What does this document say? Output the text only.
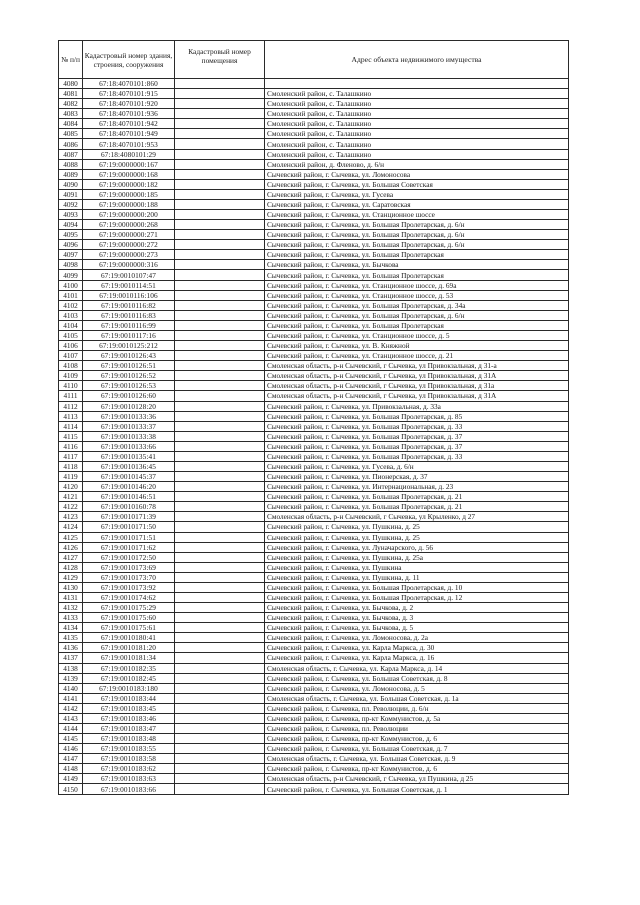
№ п/п	Кадастровый номер здания, строения, сооружения	Кадастровый номер помещения	Адрес объекта недвижимого имущества
4080	67:18:4070101:860		
4081	67:18:4070101:915		Смоленский район, с. Талашкино
4082	67:18:4070101:920		Смоленский район, с. Талашкино
4083	67:18:4070101:936		Смоленский район, с. Талашкино
4084	67:18:4070101:942		Смоленский район, с. Талашкино
4085	67:18:4070101:949		Смоленский район, с. Талашкино
4086	67:18:4070101:953		Смоленский район, с. Талашкино
4087	67:18:4080101:29		Смоленский район, с. Талашкино
4088	67:19:0000000:167		Смоленский район, д. Фленово, д. 6/н
4089	67:19:0000000:168		Сычевский район, г. Сычевка, ул. Ломоносова
4090	67:19:0000000:182		Сычевский район, г. Сычевка, ул. Большая Советская
4091	67:19:0000000:185		Сычевский район, г. Сычевка, ул. Гусева
4092	67:19:0000000:188		Сычевский район, г. Сычевка, ул. Саратовская
4093	67:19:0000000:200		Сычевский район, г. Сычевка, ул. Станционное шоссе
4094	67:19:0000000:268		Сычевский район, г. Сычевка, ул. Большая Пролетарская, д. 6/н
4095	67:19:0000000:271		Сычевский район, г. Сычевка, ул. Большая Пролетарская, д. 6/н
4096	67:19:0000000:272		Сычевский район, г. Сычевка, ул. Большая Пролетарская, д. 6/н
4097	67:19:0000000:273		Сычевский район, г. Сычевка, ул. Большая Пролетарская
4098	67:19:0000000:316		Сычевский район, г. Сычевка, ул. Бычкова
4099	67:19:0010107:47		Сычевский район, г. Сычевка, ул. Большая Пролетарская
4100	67:19:0010114:51		Сычевский район, г. Сычевка, ул. Станционное шоссе, д. 69а
4101	67:19:0010116:106		Сычевский район, г. Сычевка, ул. Станционное шоссе, д. 53
4102	67:19:0010116:82		Сычевский район, г. Сычевка, ул. Большая Пролетарская, д. 34а
4103	67:19:0010116:83		Сычевский район, г. Сычевка, ул. Большая Пролетарская, д. 6/н
4104	67:19:0010116:99		Сычевский район, г. Сычевка, ул. Большая Пролетарская
4105	67:19:0010117:16		Сычевский район, г. Сычевка, ул. Станционное шоссе, д. 5
4106	67:19:0010125:212		Сычевский район, г. Сычевка, ул. В. Княжной
4107	67:19:0010126:43		Сычевский район, г. Сычевка, ул. Станционное шоссе, д. 21
4108	67:19:0010126:51		Смоленская область, р-н Сычевский, г Сычевка, ул Привокзальная, д 31-а
4109	67:19:0010126:52		Смоленская область, р-н Сычевский, г Сычевка, ул Привокзальная, д 31А
4110	67:19:0010126:53		Смоленская область, р-н Сычевский, г Сычевка, ул Привокзальная, д 31а
4111	67:19:0010126:60		Смоленская область, р-н Сычевский, г Сычевка, ул Привокзальная, д 31А
4112	67:19:0010128:20		Сычевский район, г. Сычевка, ул. Привокзальная, д. 33а
4113	67:19:0010133:36		Сычевский район, г. Сычевка, ул. Большая Пролетарская, д. 85
4114	67:19:0010133:37		Сычевский район, г. Сычевка, ул. Большая Пролетарская, д. 33
4115	67:19:0010133:38		Сычевский район, г. Сычевка, ул. Большая Пролетарская, д. 37
4116	67:19:0010133:66		Сычевский район, г. Сычевка, ул. Большая Пролетарская, д. 37
4117	67:19:0010135:41		Сычевский район, г. Сычевка, ул. Большая Пролетарская, д. 33
4118	67:19:0010136:45		Сычевский район, г. Сычевка, ул. Гусева, д. 6/н
4119	67:19:0010145:37		Сычевский район, г. Сычевка, ул. Пионерская, д. 37
4120	67:19:0010146:20		Сычевский район, г. Сычевка, ул. Интернациональная, д. 23
4121	67:19:0010146:51		Сычевский район, г. Сычевка, ул. Большая Пролетарская, д. 21
4122	67:19:0010160:78		Сычевский район, г. Сычевка, ул. Большая Пролетарская, д. 21
4123	67:19:0010171:39		Смоленская область, р-н Сычевский, г Сычевка, ул Крыленко, д 27
4124	67:19:0010171:50		Сычевский район, г. Сычевка, ул. Пушкина, д. 25
4125	67:19:0010171:51		Сычевский район, г. Сычевка, ул. Пушкина, д. 25
4126	67:19:0010171:62		Сычевский район, г. Сычевка, ул. Луначарского, д. 56
4127	67:19:0010172:50		Сычевский район, г. Сычевка, ул. Пушкина, д. 25а
4128	67:19:0010173:69		Сычевский район, г. Сычевка, ул. Пушкина
4129	67:19:0010173:70		Сычевский район, г. Сычевка, ул. Пушкина, д. 11
4130	67:19:0010173:92		Сычевский район, г. Сычевка, ул. Большая Пролетарская, д. 10
4131	67:19:0010174:62		Сычевский район, г. Сычевка, ул. Большая Пролетарская, д. 12
4132	67:19:0010175:29		Сычевский район, г. Сычевка, ул. Бычкова, д. 2
4133	67:19:0010175:60		Сычевский район, г. Сычевка, ул. Бычкова, д. 3
4134	67:19:0010175:61		Сычевский район, г. Сычевка, ул. Бычкова, д. 5
4135	67:19:0010180:41		Сычевский район, г. Сычевка, ул. Ломоносова, д. 2а
4136	67:19:0010181:20		Сычевский район, г. Сычевка, ул. Карла Маркса, д. 30
4137	67:19:0010181:34		Сычевский район, г. Сычевка, ул. Карла Маркса, д. 16
4138	67:19:0010182:35		Смоленская область, г. Сычевка, ул. Карла Маркса, д. 14
4139	67:19:0010182:45		Сычевский район, г. Сычевка, ул. Большая Советская, д. 8
4140	67:19:0010183:180		Сычевский район, г. Сычевка, ул. Ломоносова, д. 5
4141	67:19:0010183:44		Смоленская область, г. Сычевка, ул. Большая Советская, д. 1а
4142	67:19:0010183:45		Сычевский район, г. Сычевка, пл. Революции, д. 6/н
4143	67:19:0010183:46		Сычевский район, г. Сычевка, пр-кт Коммунистов, д. 5а
4144	67:19:0010183:47		Сычевский район, г. Сычевка, пл. Революции
4145	67:19:0010183:48		Сычевский район, г. Сычевка, пр-кт Коммунистов, д. 6
4146	67:19:0010183:55		Сычевский район, г. Сычевка, ул. Большая Советская, д. 7
4147	67:19:0010183:58		Смоленская область, г. Сычевка, ул. Большая Советская, д. 9
4148	67:19:0010183:62		Сычевский район, г. Сычевка, пр-кт Коммунистов, д. 6
4149	67:19:0010183:63		Смоленская область, р-н Сычевский, г Сычевка, ул Пушкина, д 25
4150	67:19:0010183:66		Сычевский район, г. Сычевка, ул. Большая Советская, д. 1
